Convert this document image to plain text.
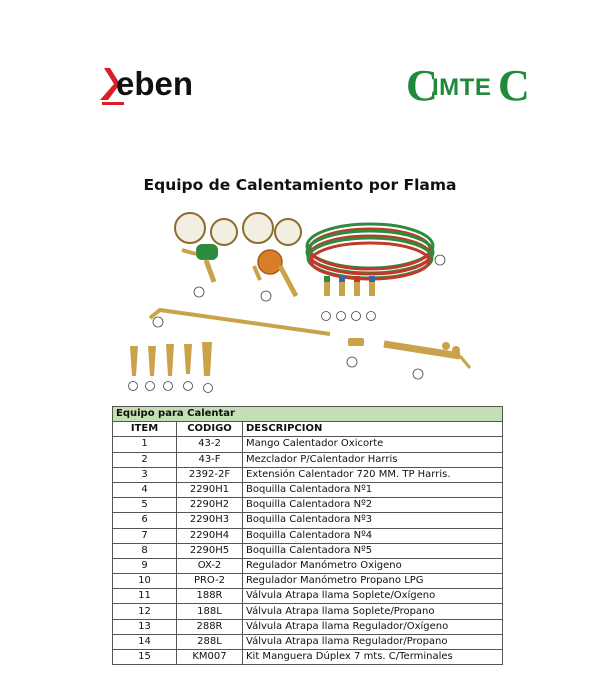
eben	C
IMTE C
Equipo de Calentamiento por Flama
Equipo para Calentar		
ITEM	CODIGO	DESCRIPCION
1	43-2	Mango Calentador Oxicorte
2	43-F	Mezclador P/Calentador Harris
3	2392-2F	Extensión Calentador 720 MM. TP Harris.
4	2290H1	Boquilla Calentadora Nº1
5	2290H2	Boquilla Calentadora Nº2
6	2290H3	Boquilla Calentadora Nº3
7	2290H4	Boquilla Calentadora Nº4
8	2290H5	Boquilla Calentadora Nº5
9	OX-2	Regulador Manómetro Oxigeno
10	PRO-2	Regulador Manómetro Propano LPG
11	188R	Válvula Atrapa llama Soplete/Oxígeno
12	188L	Válvula Atrapa llama Soplete/Propano
13	288R	Válvula Atrapa llama Regulador/Oxígeno
14	288L	Válvula Atrapa llama Regulador/Propano
15	KM007	Kit Manguera Dúplex 7 mts. C/Terminales
